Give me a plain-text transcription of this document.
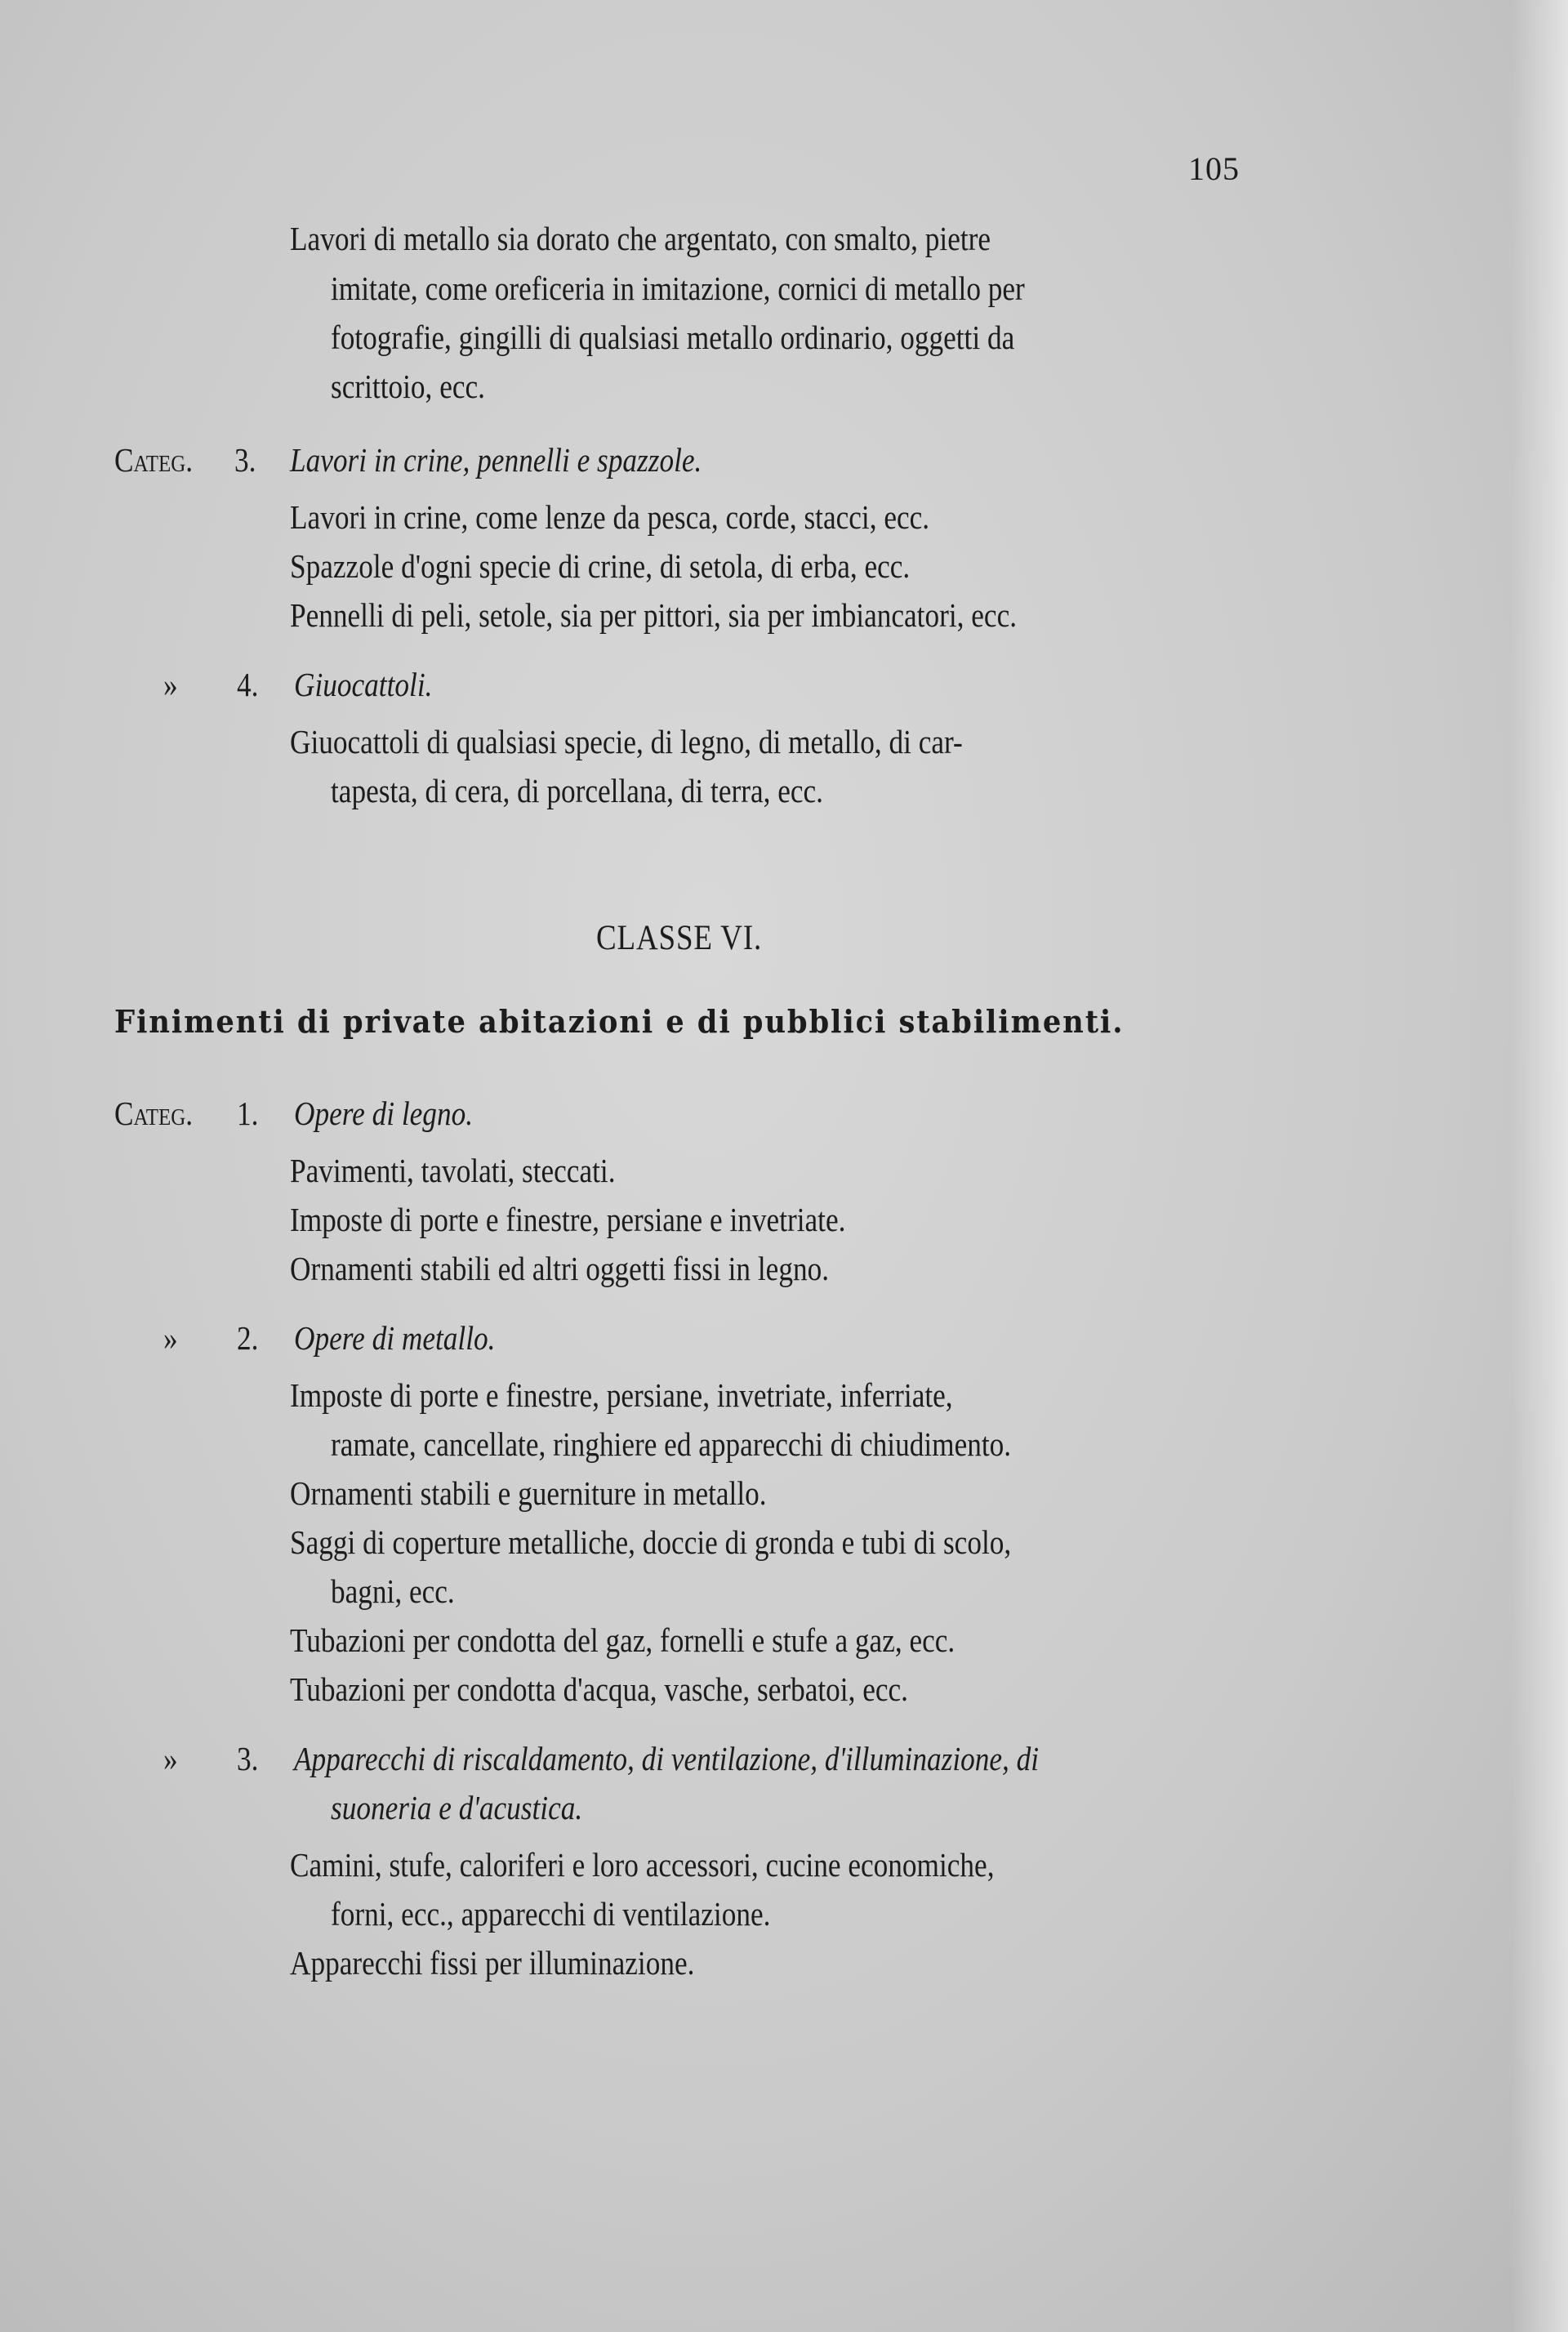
105
Lavori di metallo sia dorato che argentato, con smalto, pietre
imitate, come oreficeria in imitazione, cornici di metallo per
fotografie, gingilli di qualsiasi metallo ordinario, oggetti da
scrittoio, ecc.
Categ. 3. Lavori in crine, pennelli e spazzole.
Lavori in crine, come lenze da pesca, corde, stacci, ecc.
Spazzole d'ogni specie di crine, di setola, di erba, ecc.
Pennelli di peli, setole, sia per pittori, sia per imbiancatori, ecc.
» 4. Giuocattoli.
Giuocattoli di qualsiasi specie, di legno, di metallo, di car-
tapesta, di cera, di porcellana, di terra, ecc.
CLASSE VI.
Finimenti di private abitazioni e di pubblici stabilimenti.
Categ. 1. Opere di legno.
Pavimenti, tavolati, steccati.
Imposte di porte e finestre, persiane e invetriate.
Ornamenti stabili ed altri oggetti fissi in legno.
» 2. Opere di metallo.
Imposte di porte e finestre, persiane, invetriate, inferriate,
ramate, cancellate, ringhiere ed apparecchi di chiudimento.
Ornamenti stabili e guerniture in metallo.
Saggi di coperture metalliche, doccie di gronda e tubi di scolo,
bagni, ecc.
Tubazioni per condotta del gaz, fornelli e stufe a gaz, ecc.
Tubazioni per condotta d'acqua, vasche, serbatoi, ecc.
» 3. Apparecchi di riscaldamento, di ventilazione, d'illuminazione, di
suoneria e d'acustica.
Camini, stufe, caloriferi e loro accessori, cucine economiche,
forni, ecc., apparecchi di ventilazione.
Apparecchi fissi per illuminazione.
